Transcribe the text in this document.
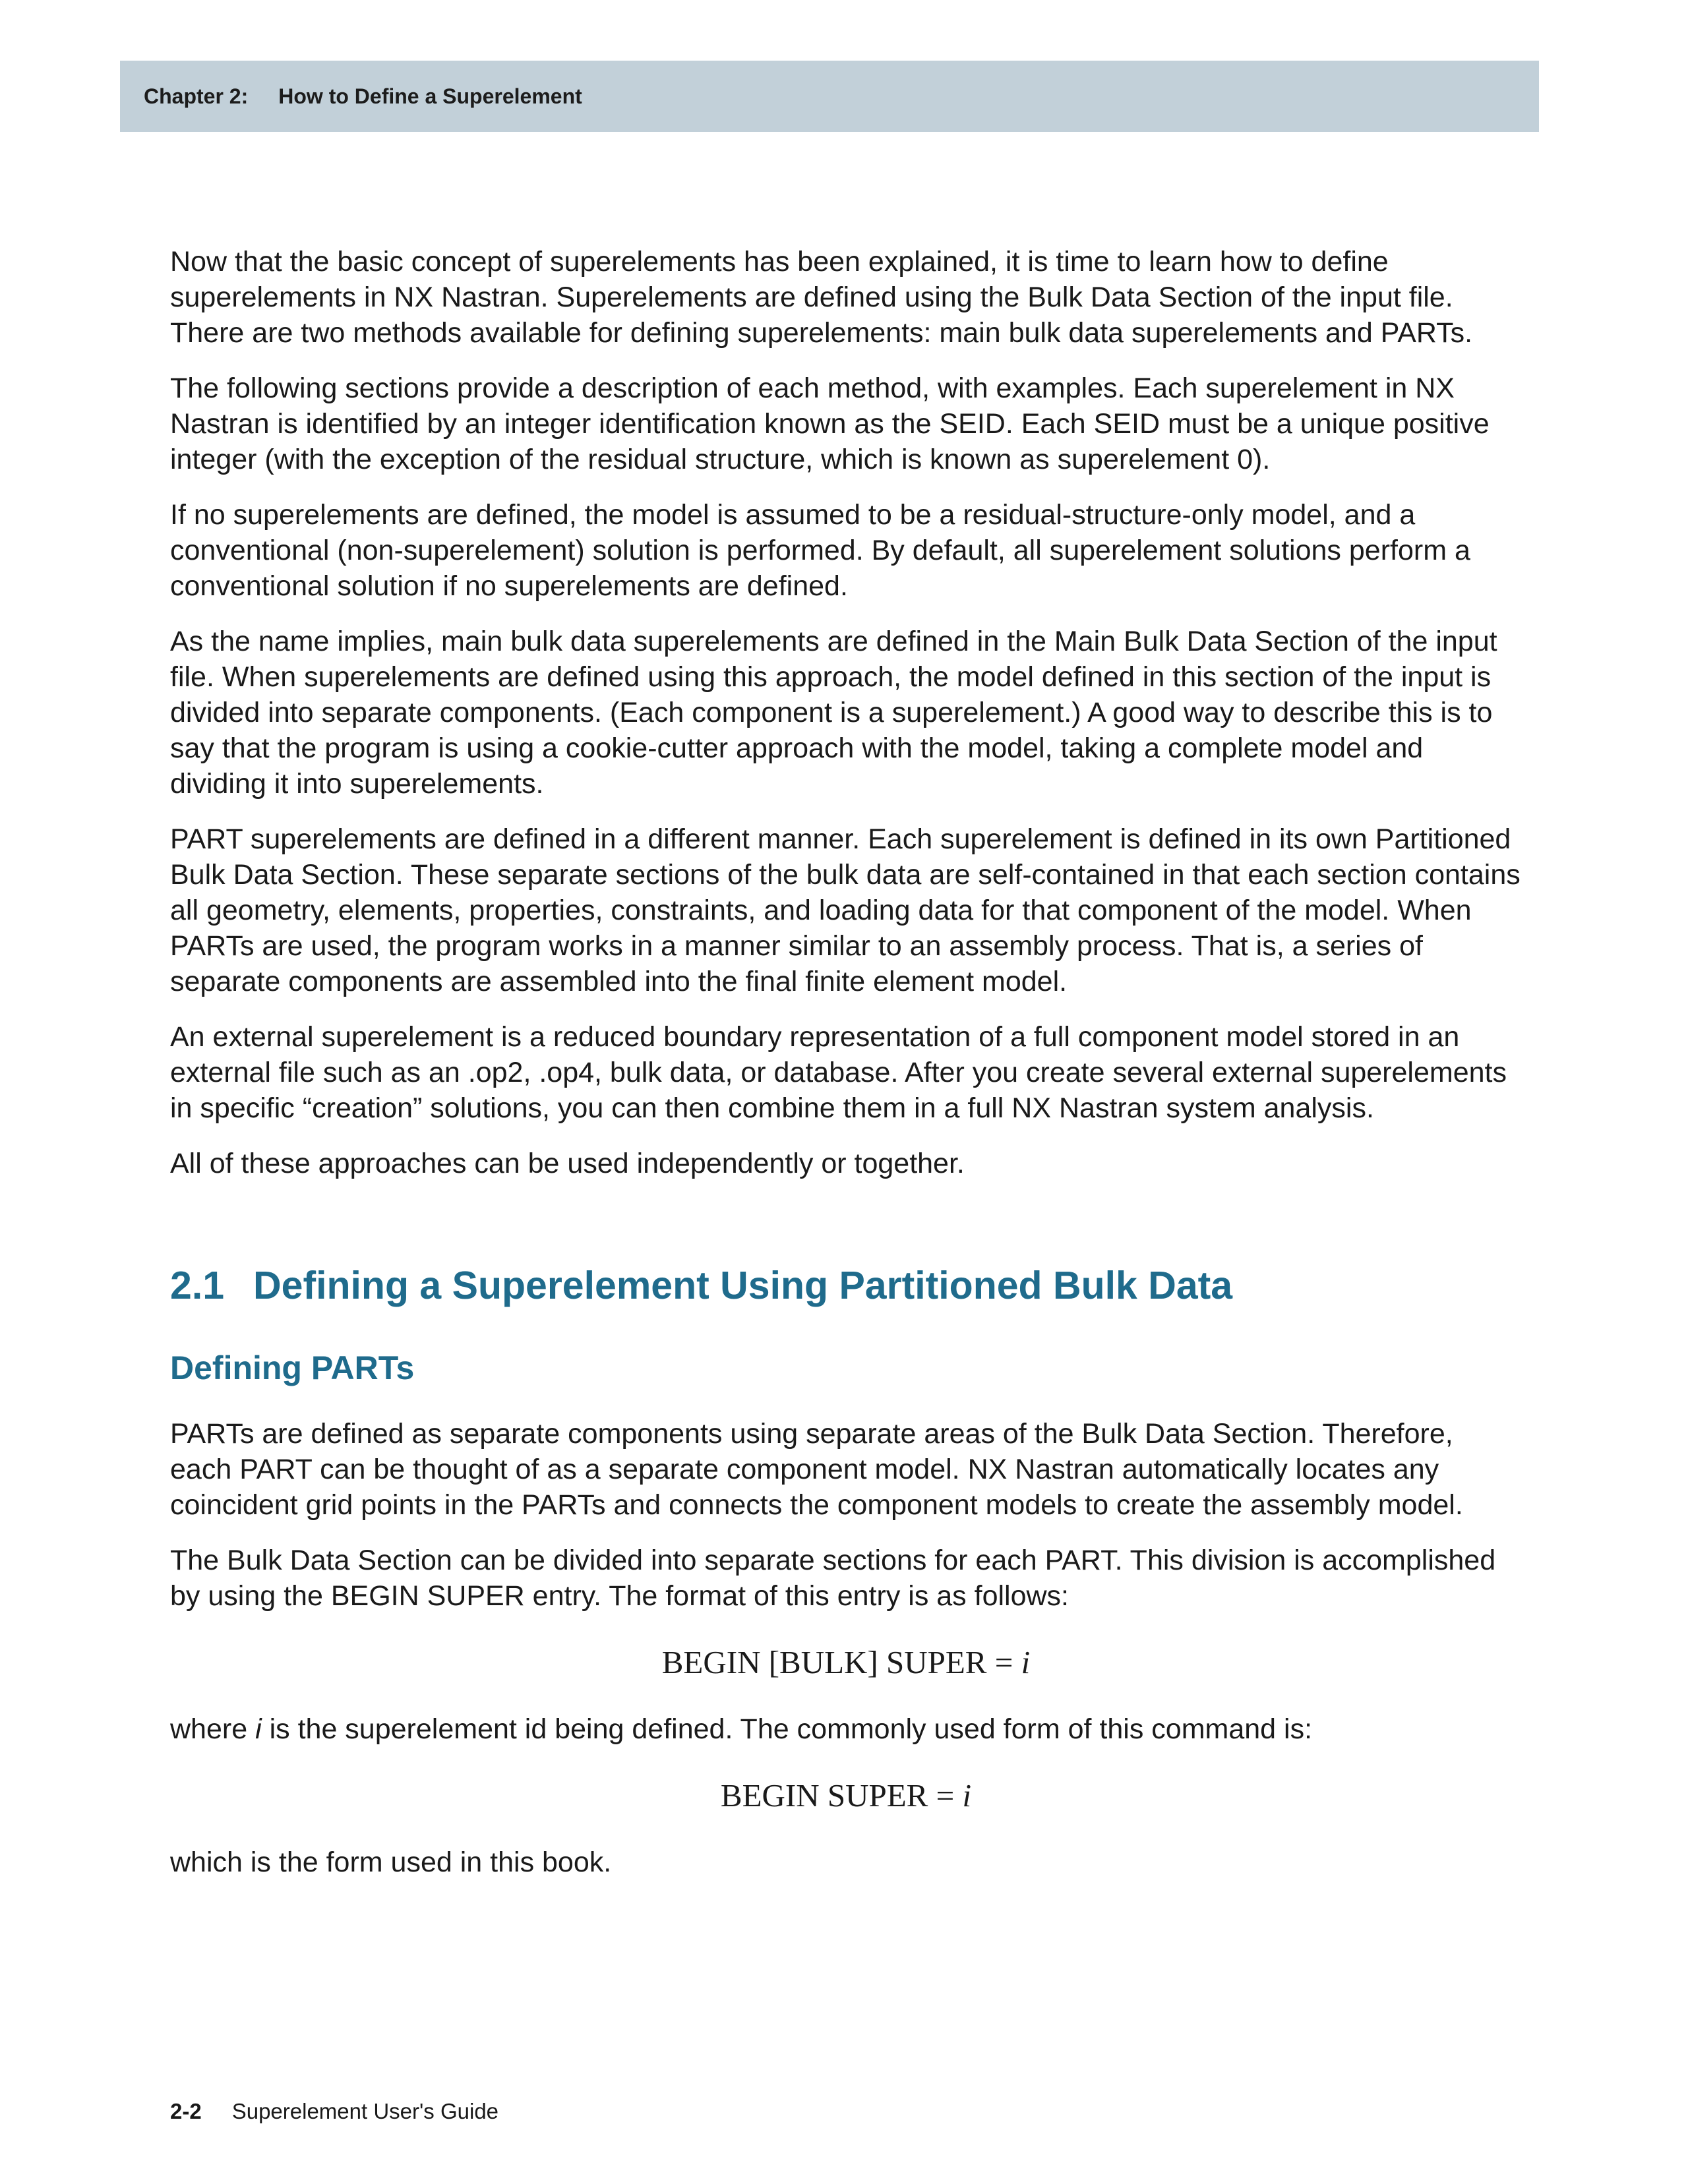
Chapter 2: How to Define a Superelement

Now that the basic concept of superelements has been explained, it is time to learn how to define superelements in NX Nastran. Superelements are defined using the Bulk Data Section of the input file. There are two methods available for defining superelements: main bulk data superelements and PARTs.

The following sections provide a description of each method, with examples. Each superelement in NX Nastran is identified by an integer identification known as the SEID. Each SEID must be a unique positive integer (with the exception of the residual structure, which is known as superelement 0).

If no superelements are defined, the model is assumed to be a residual-structure-only model, and a conventional (non-superelement) solution is performed. By default, all superelement solutions perform a conventional solution if no superelements are defined.

As the name implies, main bulk data superelements are defined in the Main Bulk Data Section of the input file. When superelements are defined using this approach, the model defined in this section of the input is divided into separate components. (Each component is a superelement.) A good way to describe this is to say that the program is using a cookie-cutter approach with the model, taking a complete model and dividing it into superelements.

PART superelements are defined in a different manner. Each superelement is defined in its own Partitioned Bulk Data Section. These separate sections of the bulk data are self-contained in that each section contains all geometry, elements, properties, constraints, and loading data for that component of the model. When PARTs are used, the program works in a manner similar to an assembly process. That is, a series of separate components are assembled into the final finite element model.

An external superelement is a reduced boundary representation of a full component model stored in an external file such as an .op2, .op4, bulk data, or database. After you create several external superelements in specific “creation” solutions, you can then combine them in a full NX Nastran system analysis.

All of these approaches can be used independently or together.

2.1 Defining a Superelement Using Partitioned Bulk Data
Defining PARTs

PARTs are defined as separate components using separate areas of the Bulk Data Section. Therefore, each PART can be thought of as a separate component model. NX Nastran automatically locates any coincident grid points in the PARTs and connects the component models to create the assembly model.

The Bulk Data Section can be divided into separate sections for each PART. This division is accomplished by using the BEGIN SUPER entry. The format of this entry is as follows:

BEGIN [BULK] SUPER = i

where i is the superelement id being defined. The commonly used form of this command is:

BEGIN SUPER = i

which is the form used in this book.

2-2 Superelement User's Guide
